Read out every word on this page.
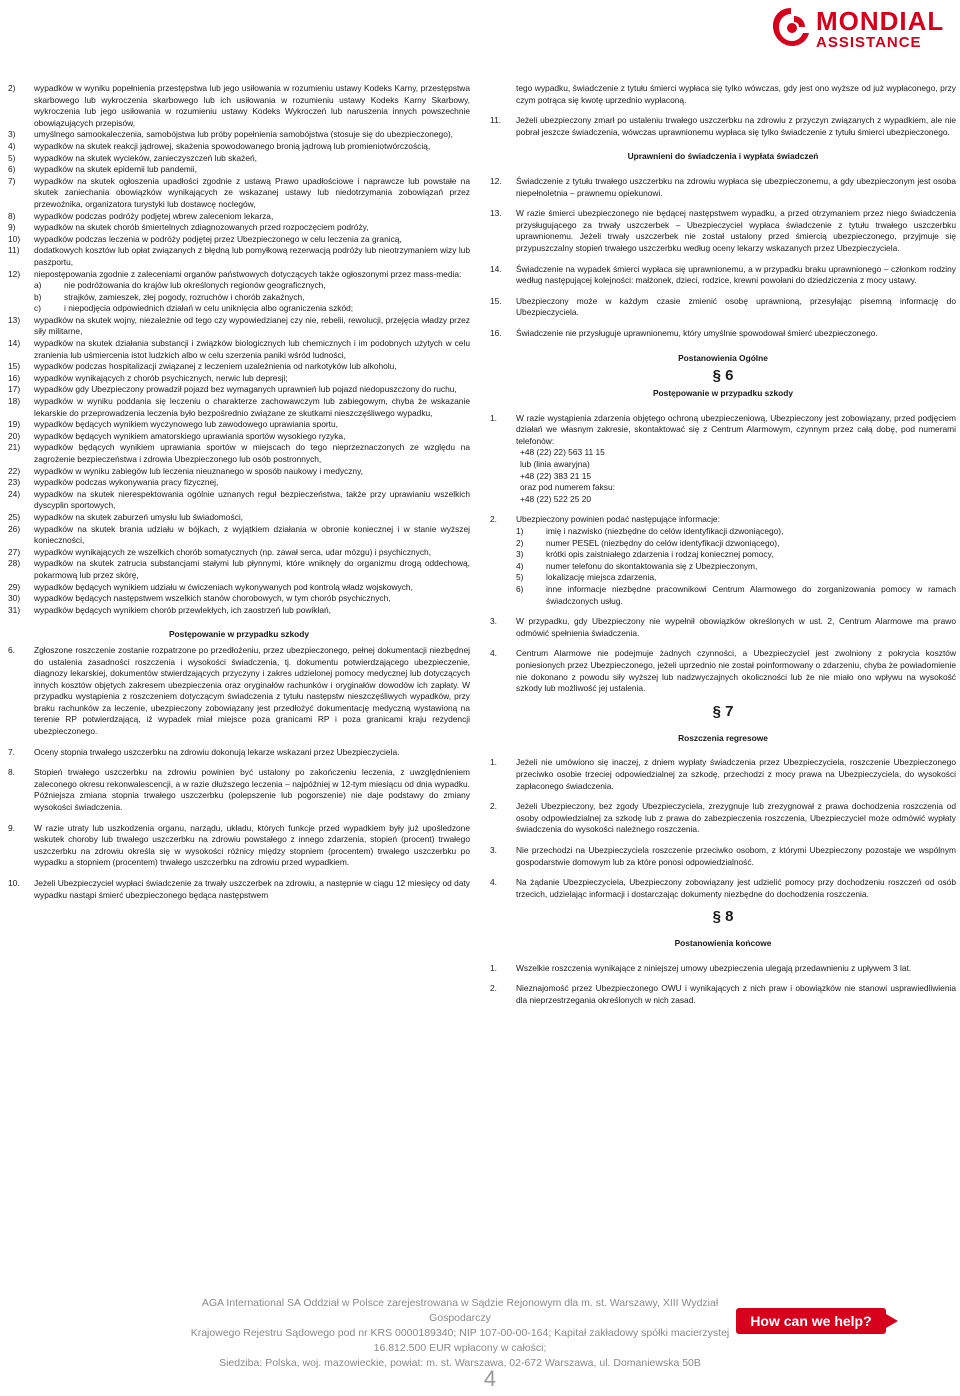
MONDIAL
ASSISTANCE
2)	wypadków w wyniku popełnienia przestępstwa lub jego usiłowania w rozumieniu ustawy Kodeks Karny, przestępstwa skarbowego lub wykroczenia skarbowego lub ich usiłowania w rozumieniu ustawy Kodeks Karny Skarbowy, wykroczenia lub jego usiłowania w rozumieniu ustawy Kodeks Wykroczeń lub naruszenia innych powszechnie obowiązujących przepisów,
3)	umyślnego samookaleczenia, samobójstwa lub próby popełnienia samobójstwa (stosuje się do ubezpieczonego),
4)	wypadków na skutek reakcji jądrowej, skażenia spowodowanego bronią jądrową lub promieniotwórczością,
5)	wypadków na skutek wycieków, zanieczyszczeń lub skażeń,
6)	wypadków na skutek epidemii lub pandemii,
7)	wypadków na skutek ogłoszenia upadłości zgodnie z ustawą Prawo upadłościowe i naprawcze lub powstałe na skutek zaniechania obowiązków wynikających ze wskazanej ustawy lub niedotrzymania zobowiązań przez przewoźnika, organizatora turystyki lub dostawcę noclegów,
8)	wypadków podczas podróży podjętej wbrew zaleceniom lekarza,
9)	wypadków na skutek chorób śmiertelnych zdiagnozowanych przed rozpoczęciem podróży,
10)	wypadków podczas leczenia w podróży podjętej przez Ubezpieczonego w celu leczenia za granicą,
11)	dodatkowych kosztów lub opłat związanych z błędną lub pomyłkową rezerwacją podróży lub nieotrzymaniem wizy lub paszportu,
12)	niepostępowania zgodnie z zaleceniami organów państwowych dotyczących także ogłoszonymi przez mass-media:
a)	nie podróżowania do krajów lub określonych regionów geograficznych,
b)	strajków, zamieszek, złej pogody, rozruchów i chorób zakaźnych,
c)	i niepodjęcia odpowiednich działań w celu uniknięcia albo ograniczenia szkód;
13)	wypadków na skutek wojny, niezależnie od tego czy wypowiedzianej czy nie, rebelii, rewolucji, przejęcia władzy przez siły militarne,
14)	wypadków na skutek działania substancji i związków biologicznych lub chemicznych i im podobnych użytych w celu zranienia lub uśmiercenia istot ludzkich albo w celu szerzenia paniki wśród ludności,
15)	wypadków podczas hospitalizacji związanej z leczeniem uzależnienia od narkotyków lub alkoholu,
16)	wypadków wynikających z chorób psychicznych, nerwic lub depresji;
17)	wypadków gdy Ubezpieczony prowadził pojazd bez wymaganych uprawnień lub pojazd niedopuszczony do ruchu,
18)	wypadków w wyniku poddania się leczeniu o charakterze zachowawczym lub zabiegowym, chyba że wskazanie lekarskie do przeprowadzenia leczenia było bezpośrednio związane ze skutkami nieszczęśliwego wypadku,
19)	wypadków będących wynikiem wyczynowego lub zawodowego uprawiania sportu,
20)	wypadków będących wynikiem amatorskiego uprawiania sportów wysokiego ryzyka,
21)	wypadków będących wynikiem uprawiania sportów w miejscach do tego nieprzeznaczonych ze względu na zagrożenie bezpieczeństwa i zdrowia Ubezpieczonego lub osób postronnych,
22)	wypadków w wyniku zabiegów lub leczenia nieuznanego w sposób naukowy i medyczny,
23)	wypadków podczas wykonywania pracy fizycznej,
24)	wypadków na skutek nierespektowania ogólnie uznanych reguł bezpieczeństwa, także przy uprawianiu wszelkich dyscyplin sportowych,
25)	wypadków na skutek zaburzeń umysłu lub świadomości,
26)	wypadków na skutek brania udziału w bójkach, z wyjątkiem działania w obronie koniecznej i w stanie wyższej konieczności,
27)	wypadków wynikających ze wszelkich chorób somatycznych (np. zawał serca, udar mózgu) i psychicznych,
28)	wypadków na skutek zatrucia substancjami stałymi lub płynnymi, które wniknęły do organizmu drogą oddechową, pokarmową lub przez skórę,
29)	wypadków będących wynikiem udziału w ćwiczeniach wykonywanych pod kontrolą władz wojskowych,
30)	wypadków będących następstwem wszelkich stanów chorobowych, w tym chorób psychicznych,
31)	wypadków będących wynikiem chorób przewlekłych, ich zaostrzeń lub powikłań,
Postępowanie w przypadku szkody
6.	Zgłoszone roszczenie zostanie rozpatrzone po przedłożeniu, przez ubezpieczonego, pełnej dokumentacji niezbędnej do ustalenia zasadności roszczenia i wysokości świadczenia, tj. dokumentu potwierdzającego ubezpieczenie, diagnozy lekarskiej, dokumentów stwierdzających przyczyny i zakres udzielonej pomocy medycznej lub dotyczących innych kosztów objętych zakresem ubezpieczenia oraz oryginałów rachunków i oryginałów dowodów ich zapłaty. W przypadku wystąpienia z roszczeniem dotyczącym świadczenia z tytułu następstw nieszczęśliwych wypadków, przy braku rachunków za leczenie, ubezpieczony zobowiązany jest przedłożyć dokumentację medyczną wystawioną na terenie RP potwierdzającą, iż wypadek miał miejsce poza granicami RP i poza granicami kraju rezydencji ubezpieczonego.
7.	Oceny stopnia trwałego uszczerbku na zdrowiu dokonują lekarze wskazani przez Ubezpieczyciela.
8.	Stopień trwałego uszczerbku na zdrowiu powinien być ustalony po zakończeniu leczenia, z uwzględnieniem zaleconego okresu rekonwalescencji, a w razie dłuższego leczenia – najpóźniej w 12-tym miesiącu od dnia wypadku. Późniejsza zmiana stopnia trwałego uszczerbku (polepszenie lub pogorszenie) nie daje podstawy do zmiany wysokości świadczenia.
9.	W razie utraty lub uszkodzenia organu, narządu, układu, których funkcje przed wypadkiem były już upośledzone wskutek choroby lub trwałego uszczerbku na zdrowiu powstałego z innego zdarzenia, stopień (procent) trwałego uszczerbku na zdrowiu określa się w wysokości różnicy między stopniem (procentem) trwałego uszczerbku po wypadku a stopniem (procentem) trwałego uszczerbku na zdrowiu przed wypadkiem.
10.	Jeżeli Ubezpieczyciel wypłaci świadczenie za trwały uszczerbek na zdrowiu, a następnie w ciągu 12 miesięcy od daty wypadku nastąpi śmierć ubezpieczonego będąca następstwem
tego wypadku, świadczenie z tytułu śmierci wypłaca się tylko wówczas, gdy jest ono wyższe od już wypłaconego, przy czym potrąca się kwotę uprzednio wypłaconą.
11.	Jeżeli ubezpieczony zmarł po ustaleniu trwałego uszczerbku na zdrowiu z przyczyn związanych z wypadkiem, ale nie pobrał jeszcze świadczenia, wówczas uprawnionemu wypłaca się tylko świadczenie z tytułu śmierci ubezpieczonego.
Uprawnieni do świadczenia i wypłata świadczeń
12.	Świadczenie z tytułu trwałego uszczerbku na zdrowiu wypłaca się ubezpieczonemu, a gdy ubezpieczonym jest osoba niepełnoletnia – prawnemu opiekunowi.
13.	W razie śmierci ubezpieczonego nie będącej następstwem wypadku, a przed otrzymaniem przez niego świadczenia przysługującego za trwały uszczerbek – Ubezpieczyciel wypłaca świadczenie z tytułu trwałego uszczerbku uprawnionemu. Jeżeli trwały uszczerbek nie został ustalony przed śmiercią ubezpieczonego, przyjmuje się przypuszczalny stopień trwałego uszczerbku według oceny lekarzy wskazanych przez Ubezpieczyciela.
14.	Świadczenie na wypadek śmierci wypłaca się uprawnionemu, a w przypadku braku uprawnionego – członkom rodziny według następującej kolejności: małżonek, dzieci, rodzice, krewni powołani do dziedziczenia z mocy ustawy.
15.	Ubezpieczony może w każdym czasie zmienić osobę uprawnioną, przesyłając pisemną informację do Ubezpieczyciela.
16.	Świadczenie nie przysługuje uprawnionemu, który umyślnie spowodował śmierć ubezpieczonego.
Postanowienia Ogólne
§ 6
Postępowanie w przypadku szkody
1.	W razie wystąpienia zdarzenia objętego ochroną ubezpieczeniową, Ubezpieczony jest zobowiązany, przed podjęciem działań we własnym zakresie, skontaktować się z Centrum Alarmowym, czynnym przez całą dobę, pod numerami telefonów:
+48 (22) 22) 563 11 15
lub (linia awaryjna)
+48 (22) 383 21 15
oraz pod numerem faksu:
+48 (22) 522 25 20
2.	Ubezpieczony powinien podać następujące informacje:
1)	imię i nazwisko (niezbędne do celów identyfikacji dzwoniącego),
2)	numer PESEL (niezbędny do celów identyfikacji dzwoniącego),
3)	krótki opis zaistniałego zdarzenia i rodzaj koniecznej pomocy,
4)	numer telefonu do skontaktowania się z Ubezpieczonym,
5)	lokalizację miejsca zdarzenia,
6)	inne informacje niezbędne pracownikowi Centrum Alarmowego do zorganizowania pomocy w ramach świadczonych usług.
3.	W przypadku, gdy Ubezpieczony nie wypełnił obowiązków określonych w ust. 2, Centrum Alarmowe ma prawo odmówić spełnienia świadczenia.
4.	Centrum Alarmowe nie podejmuje żadnych czynności, a Ubezpieczyciel jest zwolniony z pokrycia kosztów poniesionych przez Ubezpieczonego, jeżeli uprzednio nie został poinformowany o zdarzeniu, chyba że powiadomienie nie dokonano z powodu siły wyższej lub nadzwyczajnych okoliczności lub że nie miało ono wpływu na wysokość szkody lub możliwość jej ustalenia.
§ 7
Roszczenia regresowe
1.	Jeżeli nie umówiono się inaczej, z dniem wypłaty świadczenia przez Ubezpieczyciela, roszczenie Ubezpieczonego przeciwko osobie trzeciej odpowiedzialnej za szkodę, przechodzi z mocy prawa na Ubezpieczyciela, do wysokości zapłaconego świadczenia.
2.	Jeżeli Ubezpieczony, bez zgody Ubezpieczyciela, zrezygnuje lub zrezygnował z prawa dochodzenia roszczenia od osoby odpowiedzialnej za szkodę lub z prawa do zabezpieczenia roszczenia, Ubezpieczyciel może odmówić wypłaty świadczenia do wysokości należnego roszczenia.
3.	Nie przechodzi na Ubezpieczyciela roszczenie przeciwko osobom, z którymi Ubezpieczony pozostaje we wspólnym gospodarstwie domowym lub za które ponosi odpowiedzialność.
4.	Na żądanie Ubezpieczyciela, Ubezpieczony zobowiązany jest udzielić pomocy przy dochodzeniu roszczeń od osób trzecich, udzielając informacji i dostarczając dokumenty niezbędne do dochodzenia roszczenia.
§ 8
Postanowienia końcowe
1.	Wszelkie roszczenia wynikające z niniejszej umowy ubezpieczenia ulegają przedawnieniu z upływem 3 lat.
2.	Nieznajomość przez Ubezpieczonego OWU i wynikających z nich praw i obowiązków nie stanowi usprawiedliwienia dla nieprzestrzegania określonych w nich zasad.
AGA International SA Oddział w Polsce zarejestrowana w Sądzie Rejonowym dla m. st. Warszawy, XIII Wydział Gospodarczy
Krajowego Rejestru Sądowego pod nr KRS 0000189340; NIP 107-00-00-164; Kapitał zakładowy spółki macierzystej 16.812.500 EUR wpłacony w całości;
Siedziba: Polska, woj. mazowieckie, powiat: m. st. Warszawa, 02-672 Warszawa, ul. Domaniewska 50B
How can we help?
4
